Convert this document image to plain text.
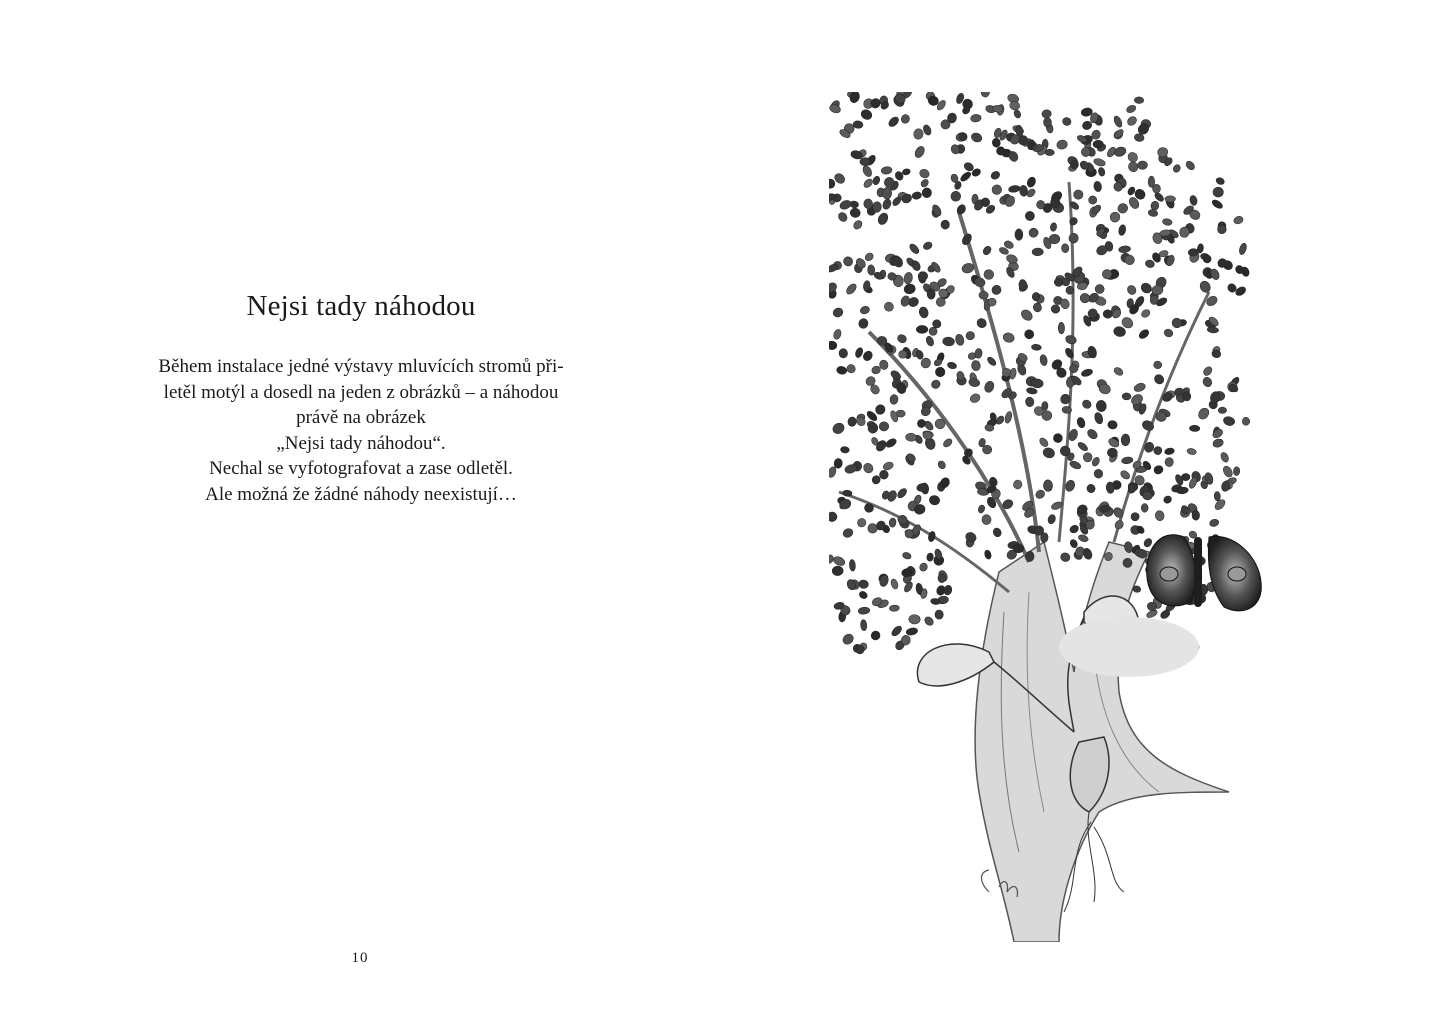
Nejsi tady náhodou
Během instalace jedné výstavy mluvících stromů při-
letěl motýl a dosedl na jeden z obrázků – a náhodou
právě na obrázek
„Nejsi tady náhodou“.
Nechal se vyfotografovat a zase odletěl.
Ale možná že žádné náhody neexistují…
10
